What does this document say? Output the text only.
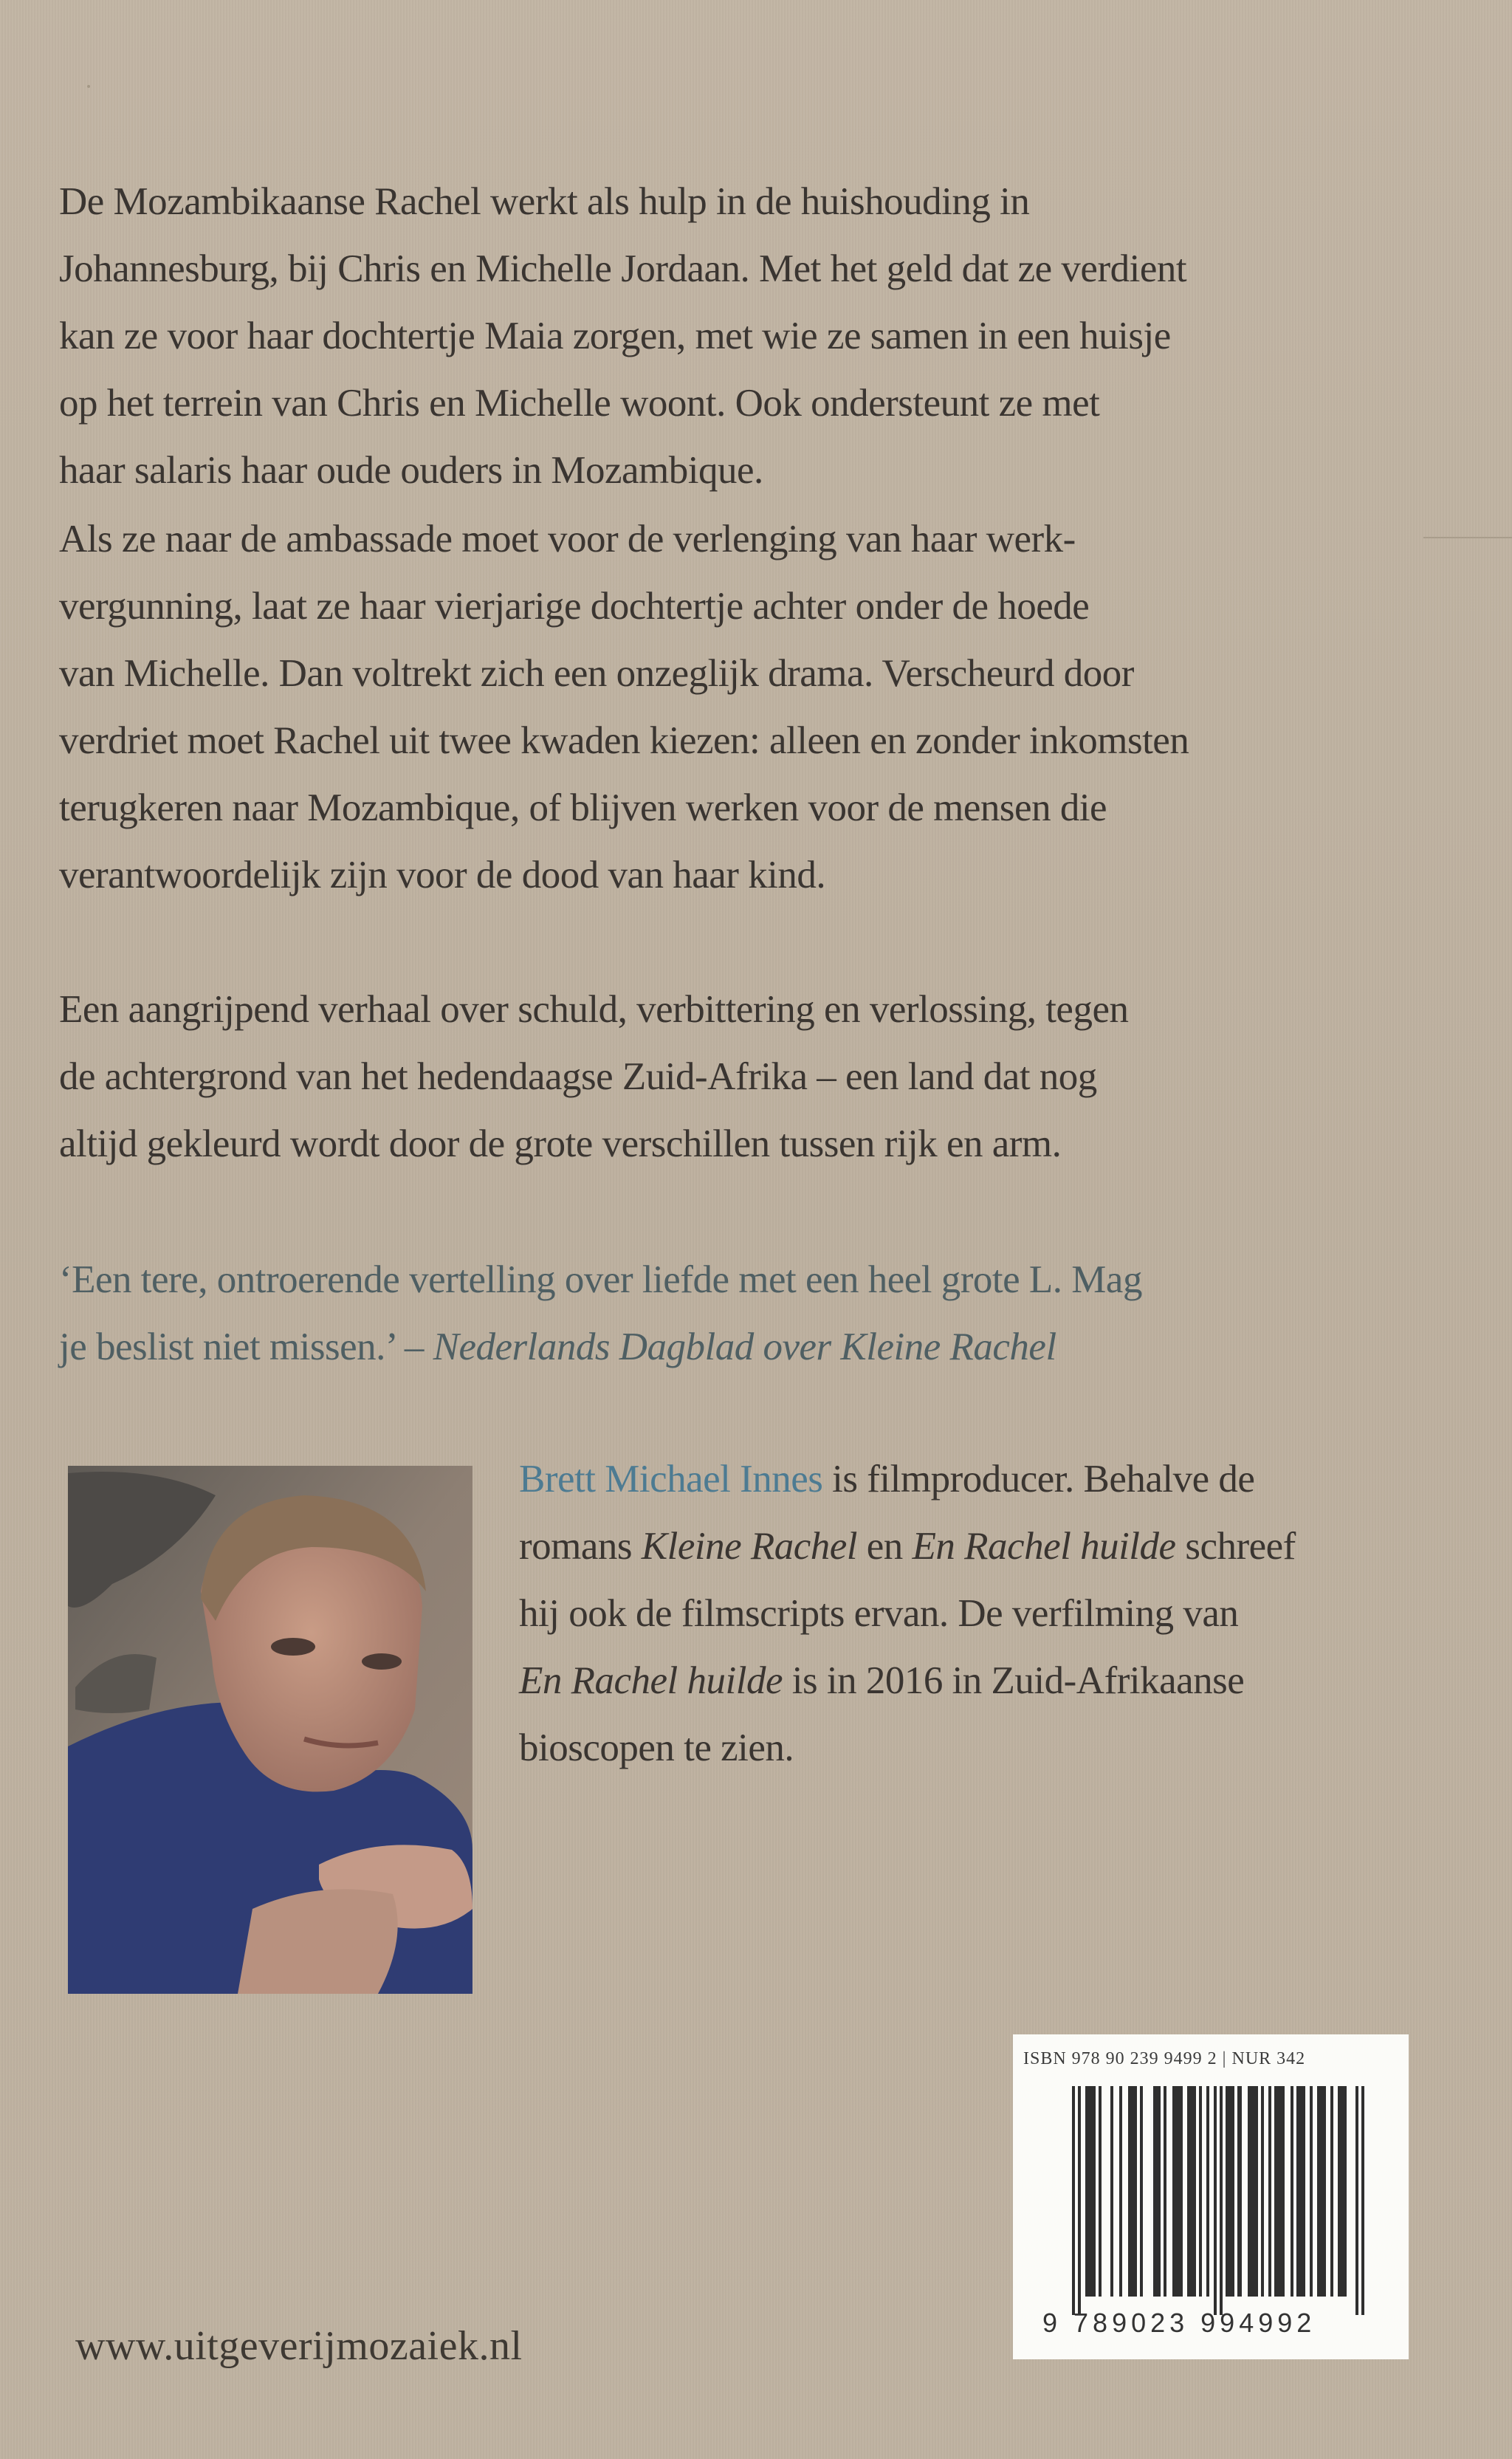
De Mozambikaanse Rachel werkt als hulp in de huishouding in
Johannesburg, bij Chris en Michelle Jordaan. Met het geld dat ze verdient
kan ze voor haar dochtertje Maia zorgen, met wie ze samen in een huisje
op het terrein van Chris en Michelle woont. Ook ondersteunt ze met
haar salaris haar oude ouders in Mozambique.
Als ze naar de ambassade moet voor de verlenging van haar werk-
vergunning, laat ze haar vierjarige dochtertje achter onder de hoede
van Michelle. Dan voltrekt zich een onzeglijk drama. Verscheurd door
verdriet moet Rachel uit twee kwaden kiezen: alleen en zonder inkomsten
terugkeren naar Mozambique, of blijven werken voor de mensen die
verantwoordelijk zijn voor de dood van haar kind.
Een aangrijpend verhaal over schuld, verbittering en verlossing, tegen
de achtergrond van het hedendaagse Zuid-Afrika – een land dat nog
altijd gekleurd wordt door de grote verschillen tussen rijk en arm.
‘Een tere, ontroerende vertelling over liefde met een heel grote L. Mag
je beslist niet missen.’ – Nederlands Dagblad over Kleine Rachel
Brett Michael Innes is filmproducer. Behalve de
romans Kleine Rachel en En Rachel huilde schreef
hij ook de filmscripts ervan. De verfilming van
En Rachel huilde is in 2016 in Zuid-Afrikaanse
bioscopen te zien.
ISBN 978 90 239 9499 2 | NUR 342
9 789023 994992
www.uitgeverijmozaiek.nl
